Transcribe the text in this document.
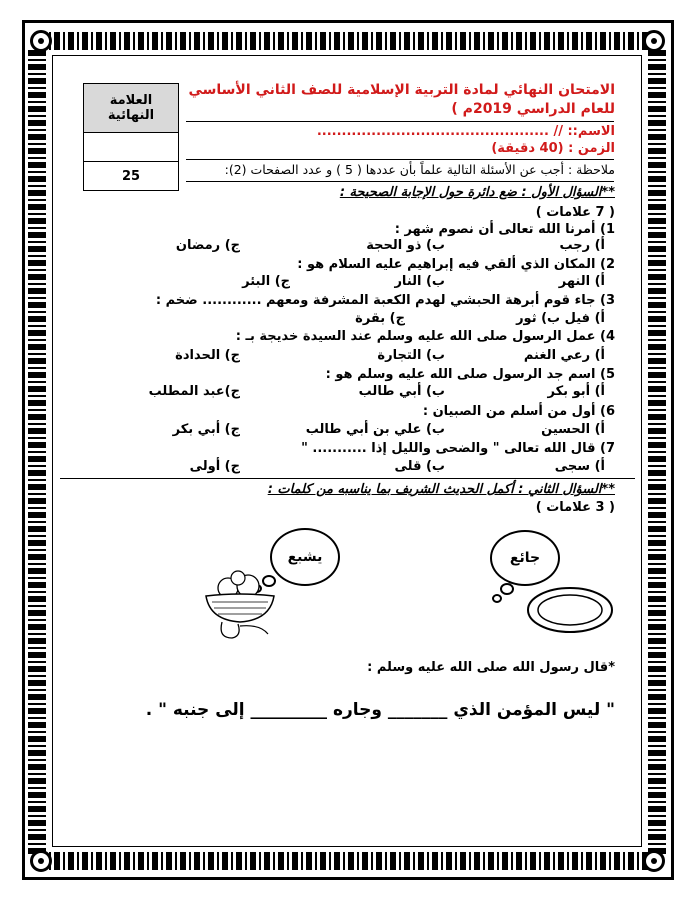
العلامة النهائية

25
الامتحان النهائي لمادة التربية الإسلامية للصف الثاني الأساسي
للعام الدراسي 2019م )
الاسم:: // ...............................................
الزمن : (40 دقيقة)
ملاحظة : أجب عن الأسئلة التالية علماً بأن عددها ( 5 ) و عدد الصفحات (2):
**السؤال الأول : ضع دائرة حول الإجابة الصحيحة :
( 7 علامات )
1) أمرنا الله تعالى أن نصوم شهر :
أ) رجب
ب) ذو الحجة
ج) رمضان
2) المكان الذي ألقي فيه إبراهيم عليه السلام هو :
أ) النهر
ب) النار
ج) البئر
3) جاء قوم أبرهة الحبشي لهدم الكعبة المشرفة ومعهم ............ ضخم :
أ) فيل ب) ثور
ج) بقرة
4) عمل الرسول صلى الله عليه وسلم عند السيدة خديجة بـ :
أ) رعي الغنم
ب) التجارة
ج) الحدادة
5) اسم جد الرسول صلى الله عليه وسلم هو :
أ) أبو بكر
ب) أبي طالب
ج)عبد المطلب
6) أول من أسلم من الصبيان :
أ) الحسين
ب) علي بن أبي طالب
ج) أبي بكر
7) قال الله تعالى " والضحى والليل إذا ........... "
أ) سجى
ب) قلى
ج) أولى
**السؤال الثاني : أكمل الحديث الشريف بما يناسبه من كلمات :
( 3 علامات )
جائع
يشبع
*قال رسول الله صلى الله عليه وسلم :
" ليس المؤمن الذي _______ وجاره _________ إلى جنبه " .
